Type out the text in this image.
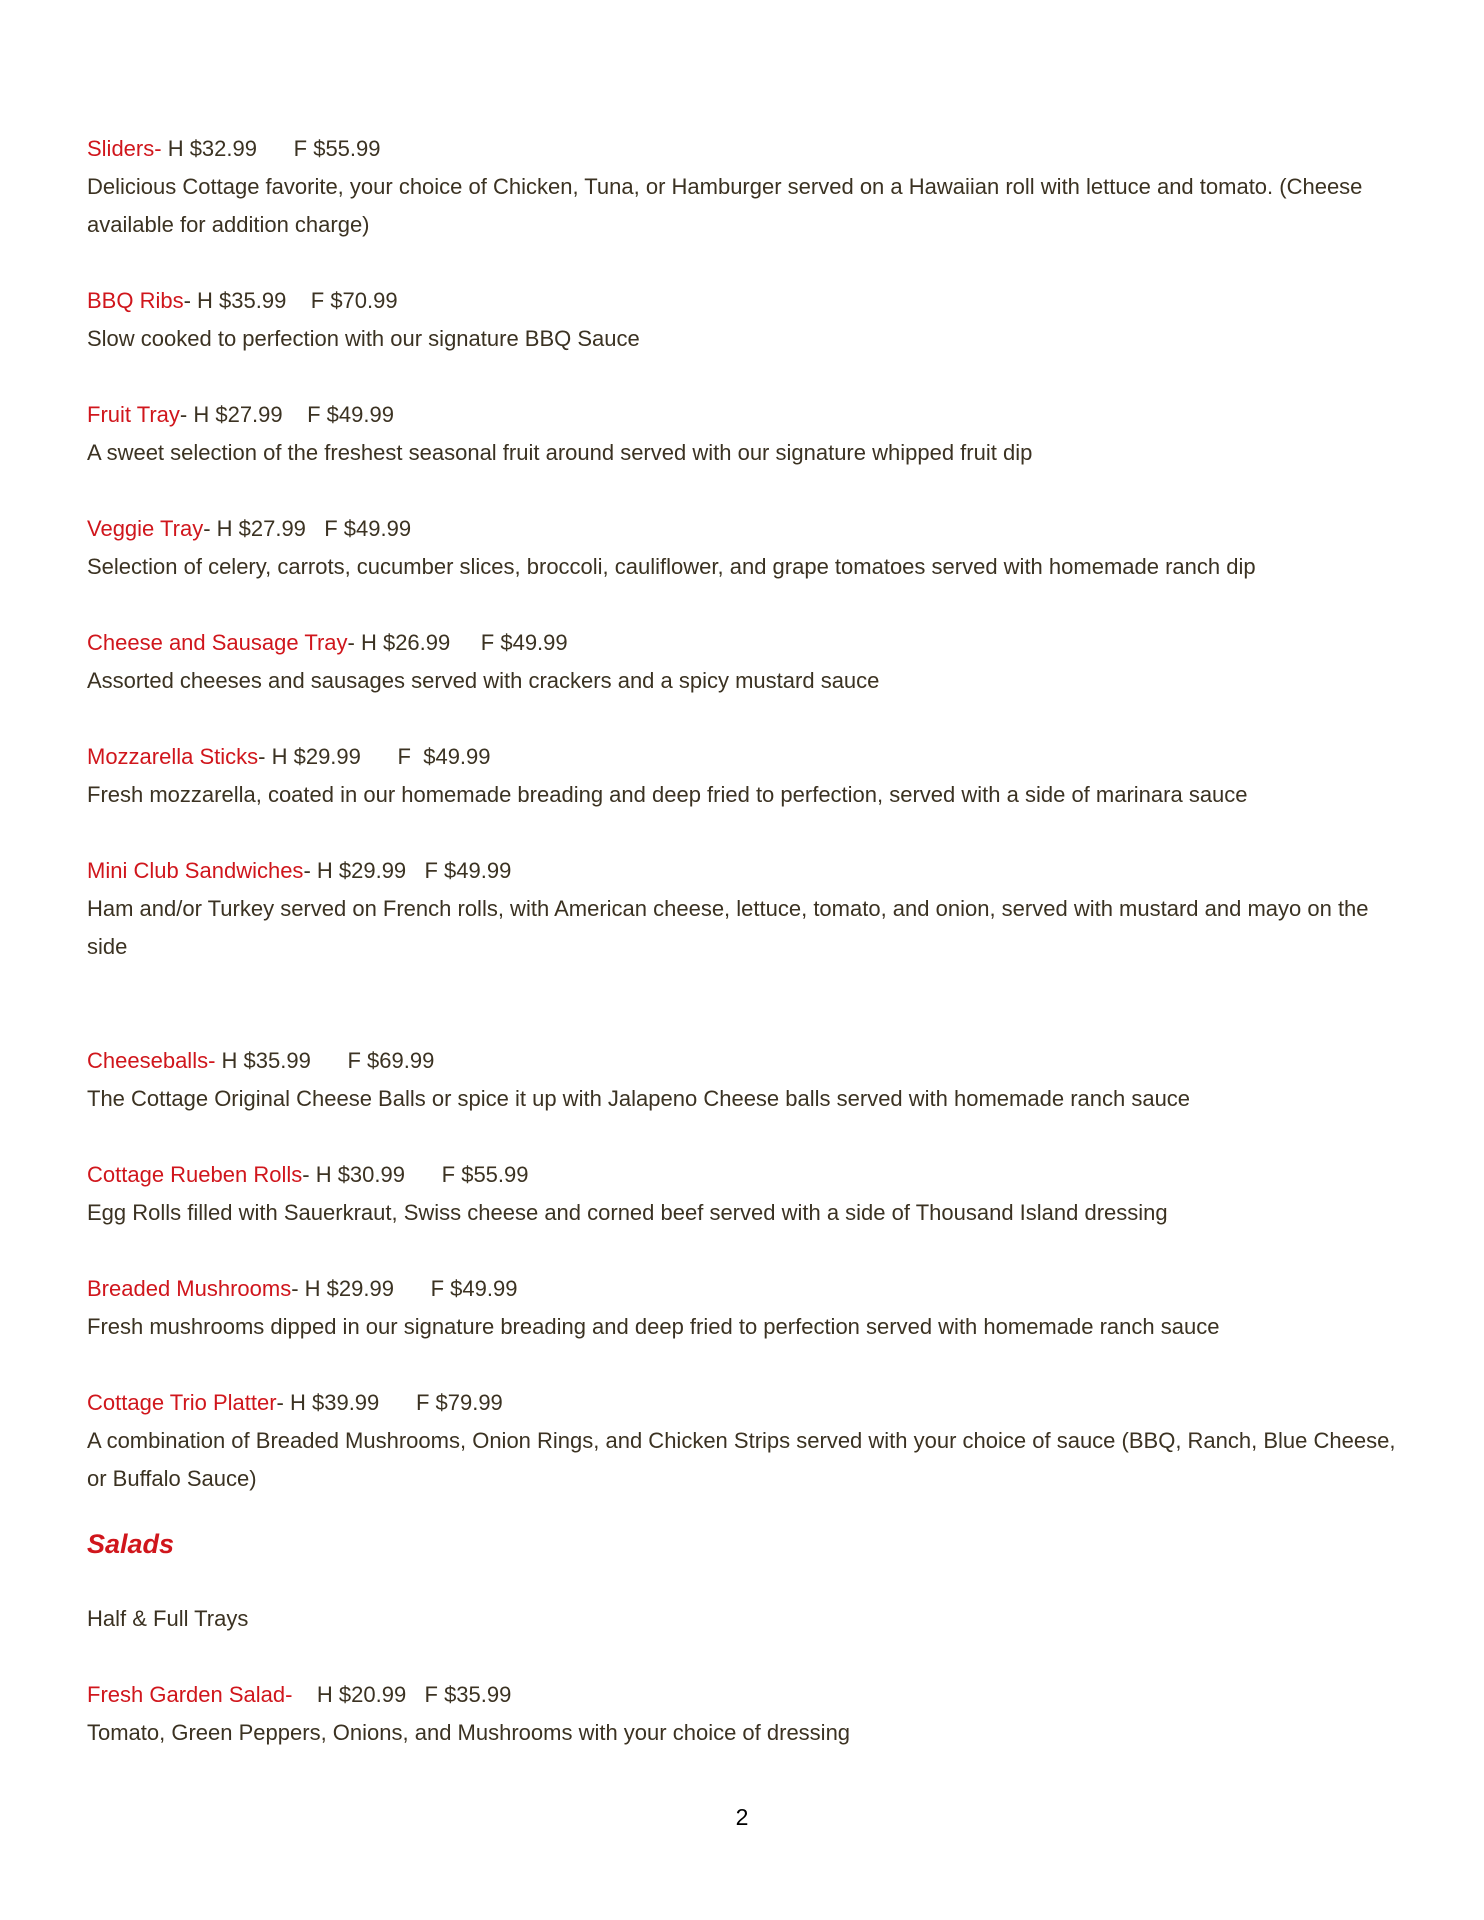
Sliders- H $32.99      F $55.99

Delicious Cottage favorite, your choice of Chicken, Tuna, or Hamburger served on a Hawaiian roll with lettuce and tomato. (Cheese available for addition charge)

BBQ Ribs- H $35.99    F $70.99

Slow cooked to perfection with our signature BBQ Sauce

Fruit Tray- H $27.99    F $49.99

A sweet selection of the freshest seasonal fruit around served with our signature whipped fruit dip

Veggie Tray- H $27.99   F $49.99

Selection of celery, carrots, cucumber slices, broccoli, cauliflower, and grape tomatoes served with homemade ranch dip

Cheese and Sausage Tray- H $26.99     F $49.99

Assorted cheeses and sausages served with crackers and a spicy mustard sauce

Mozzarella Sticks- H $29.99      F  $49.99

Fresh mozzarella, coated in our homemade breading and deep fried to perfection, served with a side of marinara sauce

Mini Club Sandwiches- H $29.99   F $49.99

Ham and/or Turkey served on French rolls, with American cheese, lettuce, tomato, and onion, served with mustard and mayo on the side

Cheeseballs- H $35.99      F $69.99

The Cottage Original Cheese Balls or spice it up with Jalapeno Cheese balls served with homemade ranch sauce

Cottage Rueben Rolls- H $30.99      F $55.99

Egg Rolls filled with Sauerkraut, Swiss cheese and corned beef served with a side of Thousand Island dressing

Breaded Mushrooms- H $29.99      F $49.99

Fresh mushrooms dipped in our signature breading and deep fried to perfection served with homemade ranch sauce

Cottage Trio Platter- H $39.99      F $79.99

A combination of Breaded Mushrooms, Onion Rings, and Chicken Strips served with your choice of sauce (BBQ, Ranch, Blue Cheese, or Buffalo Sauce)

Salads

Half & Full Trays

Fresh Garden Salad-    H $20.99   F $35.99

Tomato, Green Peppers, Onions, and Mushrooms with your choice of dressing

2
